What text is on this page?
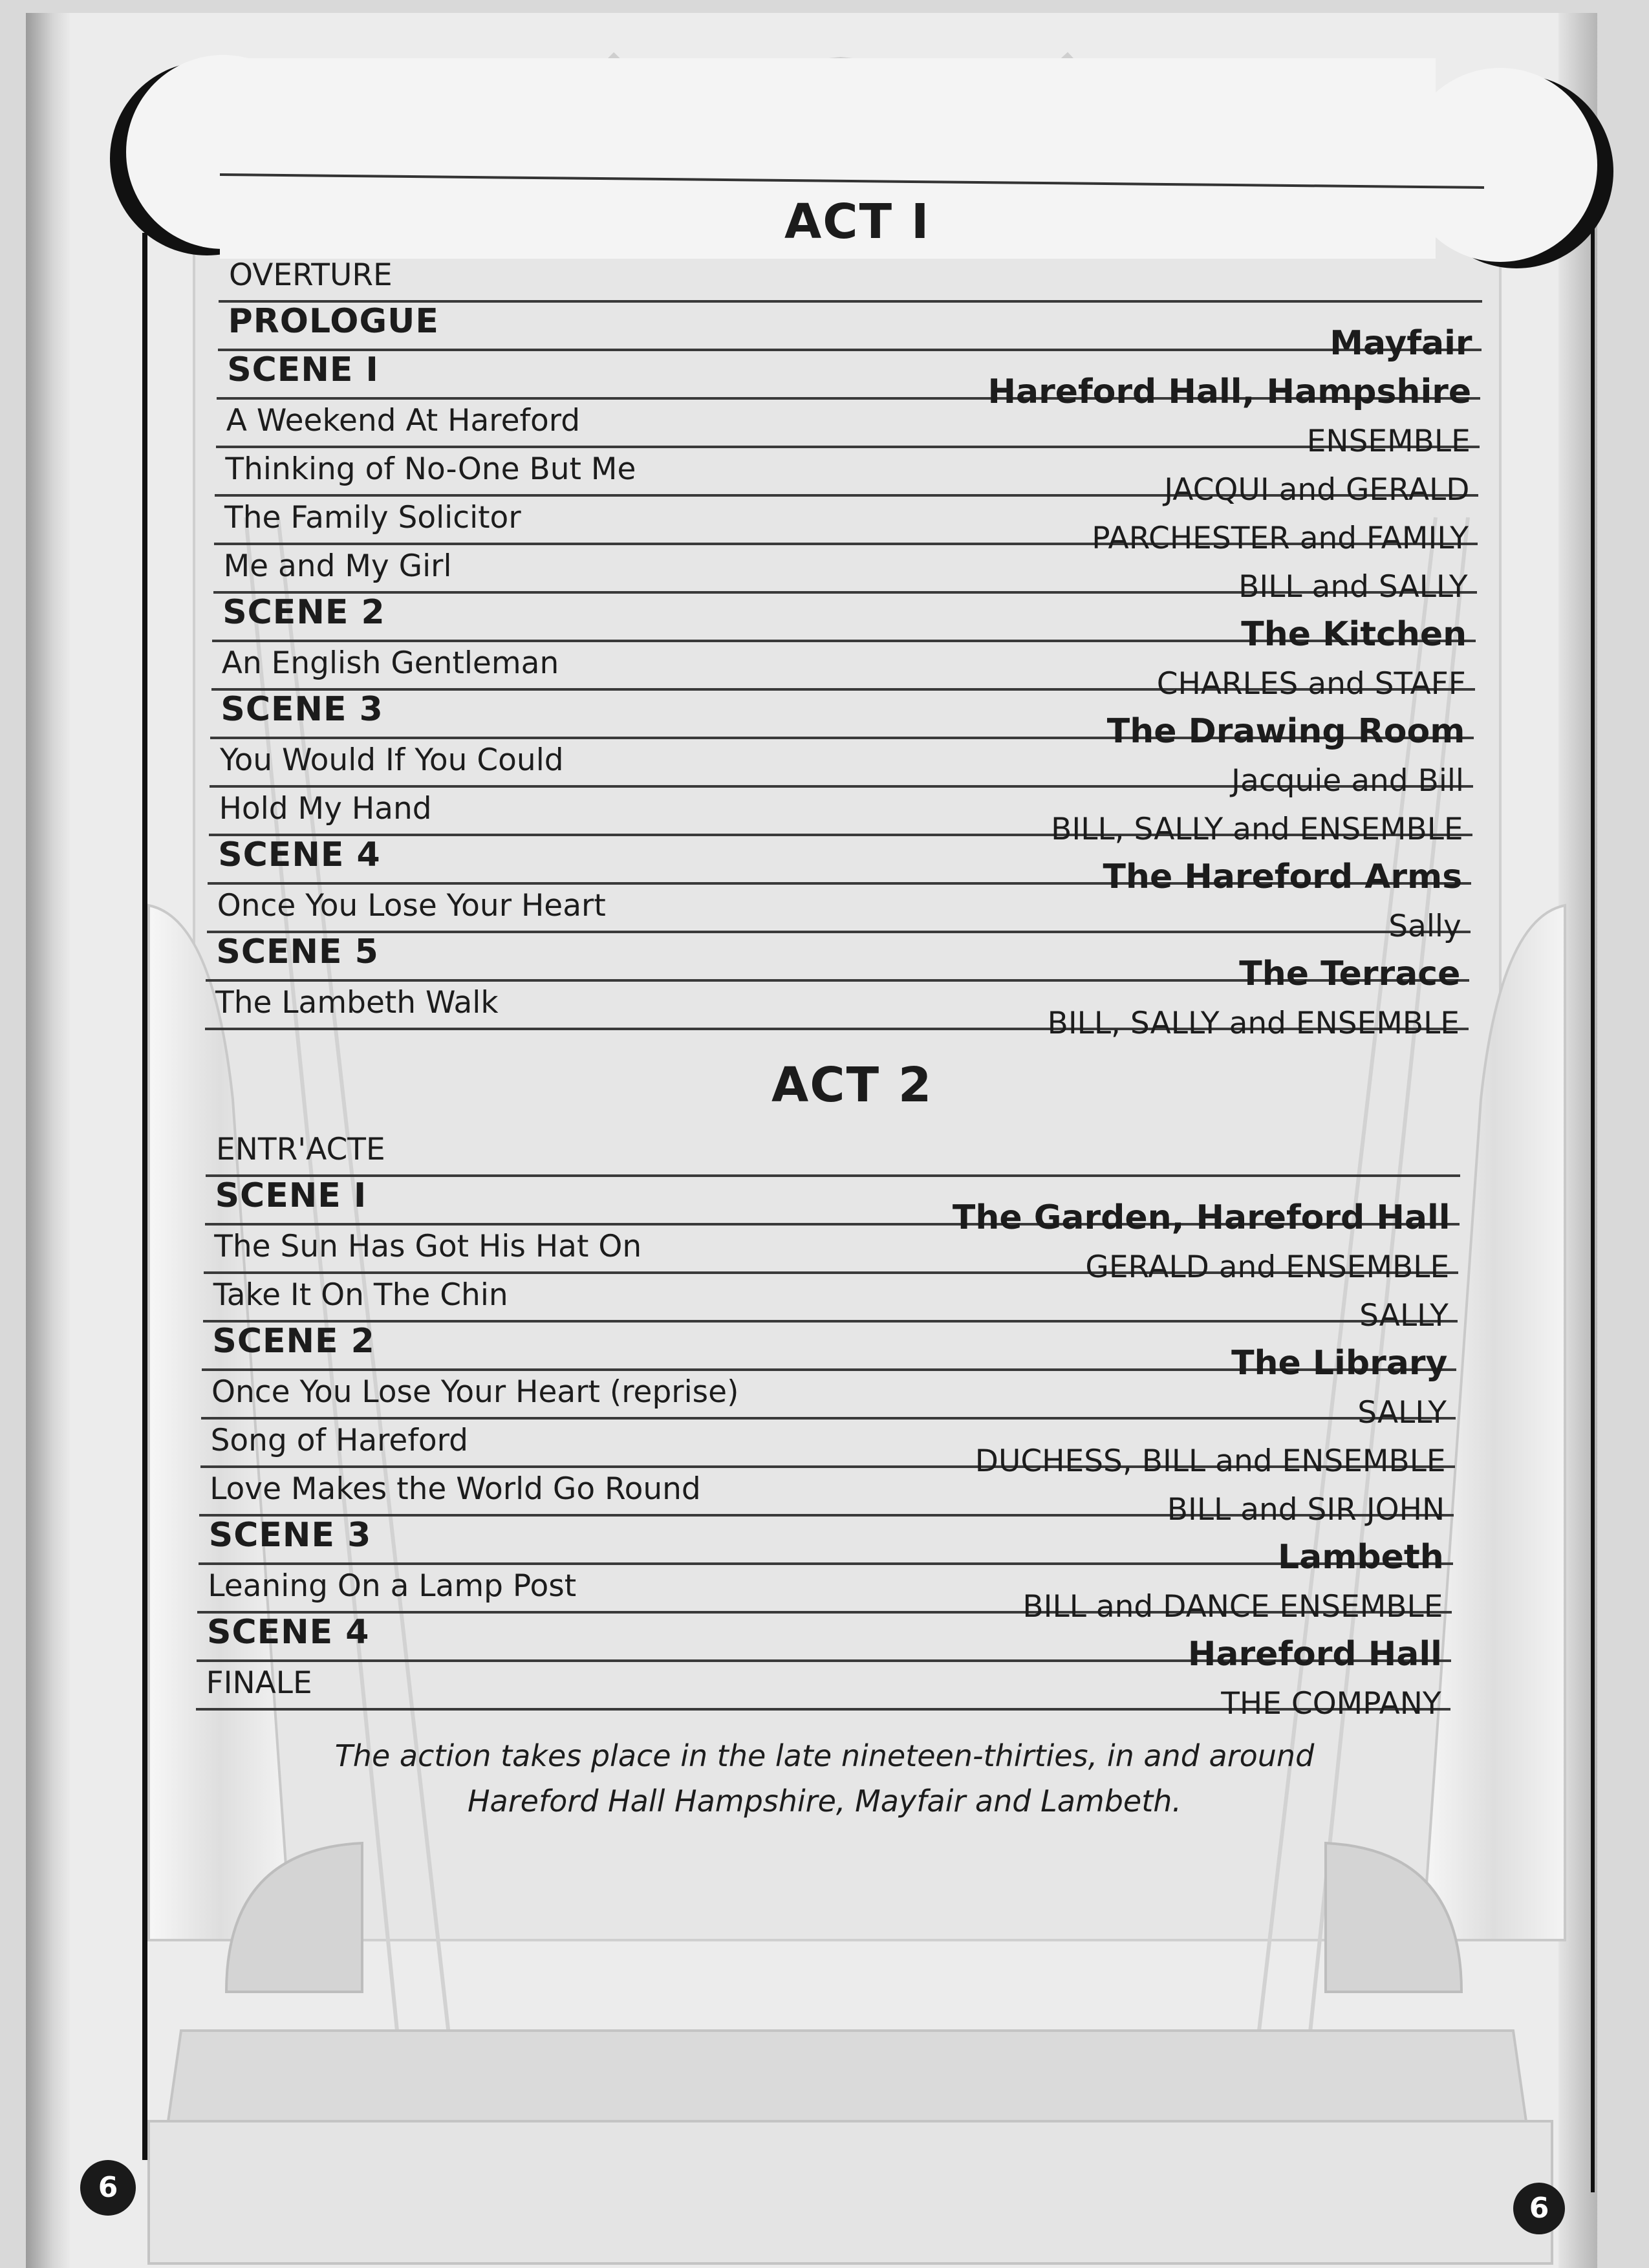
ACT I
OVERTURE
PROLOGUE
Mayfair
SCENE I
Hareford Hall, Hampshire
A Weekend At Hareford
ENSEMBLE
Thinking of No-One But Me
JACQUI and GERALD
The Family Solicitor
PARCHESTER and FAMILY
Me and My Girl
BILL and SALLY
SCENE 2
The Kitchen
An English Gentleman
CHARLES and STAFF
SCENE 3
The Drawing Room
You Would If You Could
Jacquie and Bill
Hold My Hand
BILL, SALLY and ENSEMBLE
SCENE 4
The Hareford Arms
Once You Lose Your Heart
Sally
SCENE 5
The Terrace
The Lambeth Walk
BILL, SALLY and ENSEMBLE
ACT 2
ENTR'ACTE
SCENE I
The Garden, Hareford Hall
The Sun Has Got His Hat On
GERALD and ENSEMBLE
Take It On The Chin
SALLY
SCENE 2
The Library
Once You Lose Your Heart (reprise)
SALLY
Song of Hareford
DUCHESS, BILL and ENSEMBLE
Love Makes the World Go Round
BILL and SIR JOHN
SCENE 3
Lambeth
Leaning On a Lamp Post
BILL and DANCE ENSEMBLE
SCENE 4
Hareford Hall
FINALE
THE COMPANY
The action takes place in the late nineteen-thirties, in and around
Hareford Hall Hampshire, Mayfair and Lambeth.
6
6
